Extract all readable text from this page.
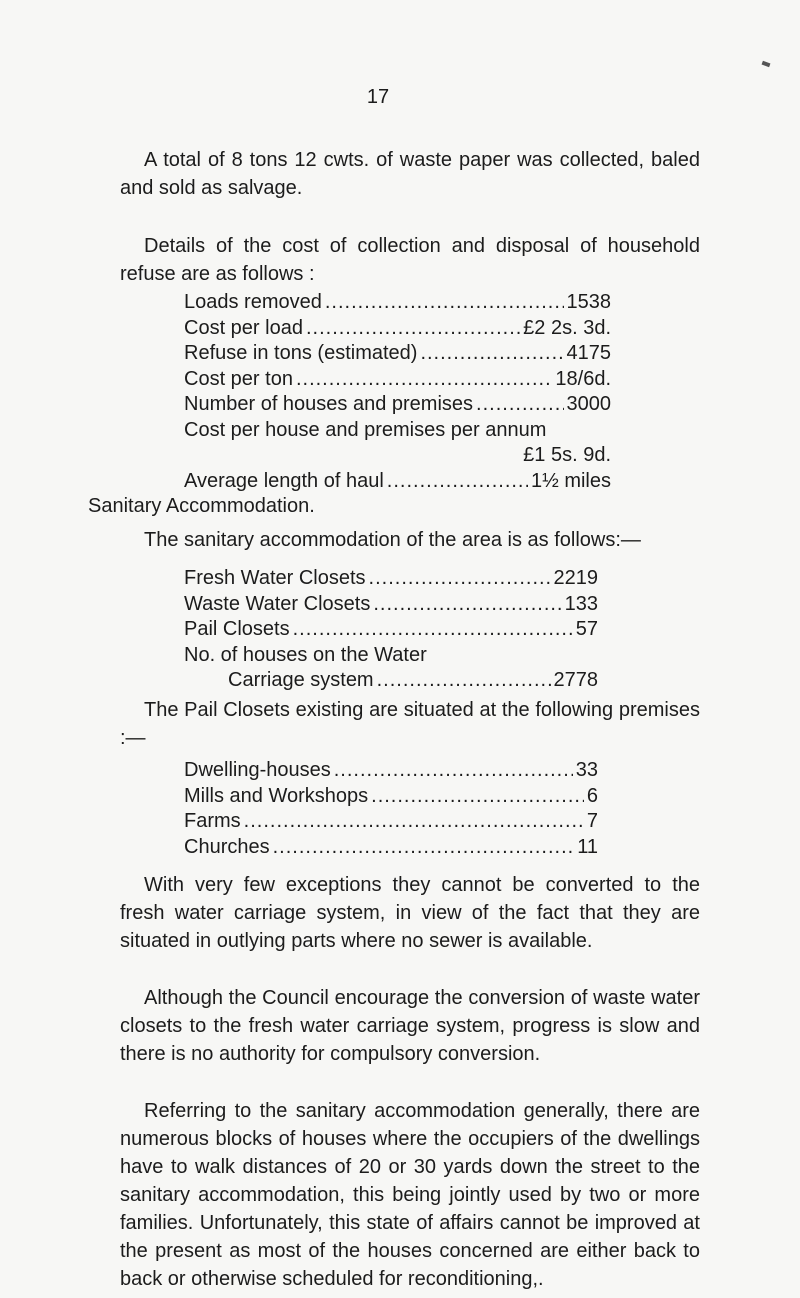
17
A total of 8 tons 12 cwts. of waste paper was collected, baled and sold as salvage.
Details of the cost of collection and disposal of household refuse are as follows :
Loads removed .....	1538
Cost per load .....	£2 2s. 3d.
Refuse in tons (estimated) .....	4175
Cost per ton .....	18/6d.
Number of houses and premises .....	3000
Cost per house and premises per annum
£1 5s. 9d.
Average length of haul .....	1½ miles
Sanitary Accommodation.
The sanitary accommodation of the area is as follows:—
Fresh Water Closets .....	2219
Waste Water Closets .....	133
Pail Closets .....	57
No. of houses on the Water
Carriage system .....	2778
The Pail Closets existing are situated at the following premises :—
Dwelling-houses .....	33
Mills and Workshops .....	6
Farms .....	7
Churches .....	11
With very few exceptions they cannot be converted to the fresh water carriage system, in view of the fact that they are situated in outlying parts where no sewer is available.
Although the Council encourage the conversion of waste water closets to the fresh water carriage system, progress is slow and there is no authority for compulsory conversion.
Referring to the sanitary accommodation generally, there are numerous blocks of houses where the occupiers of the dwellings have to walk distances of 20 or 30 yards down the street to the sanitary accommodation, this being jointly used by two or more families. Unfortunately, this state of affairs cannot be improved at the present as most of the houses concerned are either back to back or otherwise scheduled for reconditioning,.
